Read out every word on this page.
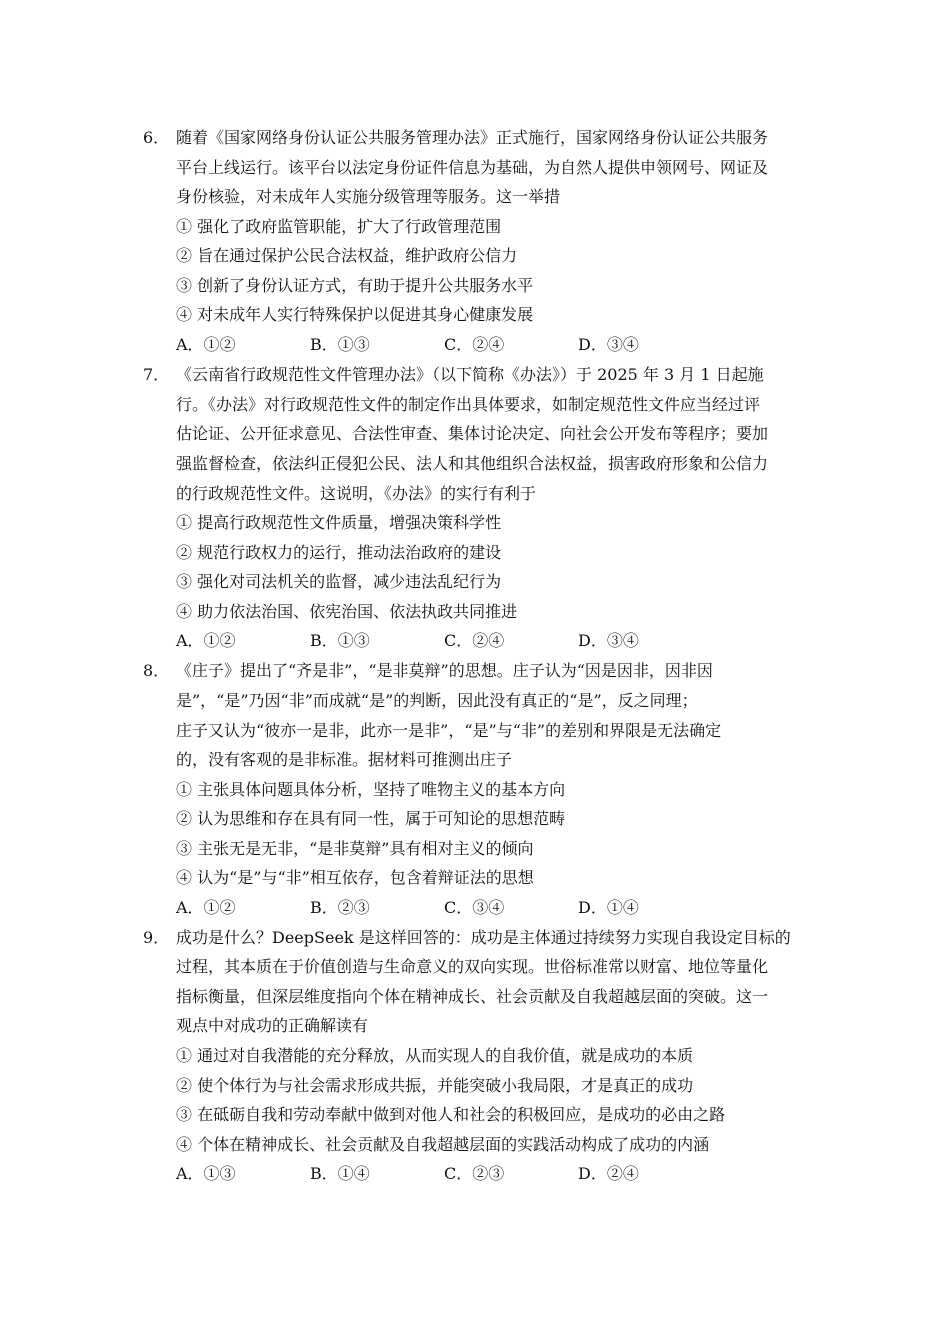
6． 随着《国家网络身份认证公共服务管理办法》正式施行，国家网络身份认证公共服务
平台上线运行。该平台以法定身份证件信息为基础，为自然人提供申领网号、网证及
身份核验，对未成年人实施分级管理等服务。这一举措
① 强化了政府监管职能，扩大了行政管理范围
② 旨在通过保护公民合法权益，维护政府公信力
③ 创新了身份认证方式，有助于提升公共服务水平
④ 对未成年人实行特殊保护以促进其身心健康发展
A．①②	B．①③	C．②④	D．③④
7． 《云南省行政规范性文件管理办法》（以下简称《办法》）于 2025 年 3 月 1 日起施
行。《办法》对行政规范性文件的制定作出具体要求，如制定规范性文件应当经过评
估论证、公开征求意见、合法性审查、集体讨论决定、向社会公开发布等程序；要加
强监督检查，依法纠正侵犯公民、法人和其他组织合法权益，损害政府形象和公信力
的行政规范性文件。这说明，《办法》的实行有利于
① 提高行政规范性文件质量，增强决策科学性
② 规范行政权力的运行，推动法治政府的建设
③ 强化对司法机关的监督，减少违法乱纪行为
④ 助力依法治国、依宪治国、依法执政共同推进
A．①②	B．①③	C．②④	D．③④
8． 《庄子》提出了“齐是非”，“是非莫辩”的思想。庄子认为“因是因非，因非因
是”，“是”乃因“非”而成就“是”的判断，因此没有真正的“是”，反之同理；
庄子又认为“彼亦一是非，此亦一是非”，“是”与“非”的差别和界限是无法确定
的，没有客观的是非标准。据材料可推测出庄子
① 主张具体问题具体分析，坚持了唯物主义的基本方向
② 认为思维和存在具有同一性，属于可知论的思想范畴
③ 主张无是无非，“是非莫辩”具有相对主义的倾向
④ 认为“是”与“非”相互依存，包含着辩证法的思想
A．①②	B．②③	C．③④	D．①④
9． 成功是什么？DeepSeek 是这样回答的：成功是主体通过持续努力实现自我设定目标的
过程，其本质在于价值创造与生命意义的双向实现。世俗标准常以财富、地位等量化
指标衡量，但深层维度指向个体在精神成长、社会贡献及自我超越层面的突破。这一
观点中对成功的正确解读有
① 通过对自我潜能的充分释放，从而实现人的自我价值，就是成功的本质
② 使个体行为与社会需求形成共振，并能突破小我局限，才是真正的成功
③ 在砥砺自我和劳动奉献中做到对他人和社会的积极回应，是成功的必由之路
④ 个体在精神成长、社会贡献及自我超越层面的实践活动构成了成功的内涵
A．①③	B．①④	C．②③	D．②④
